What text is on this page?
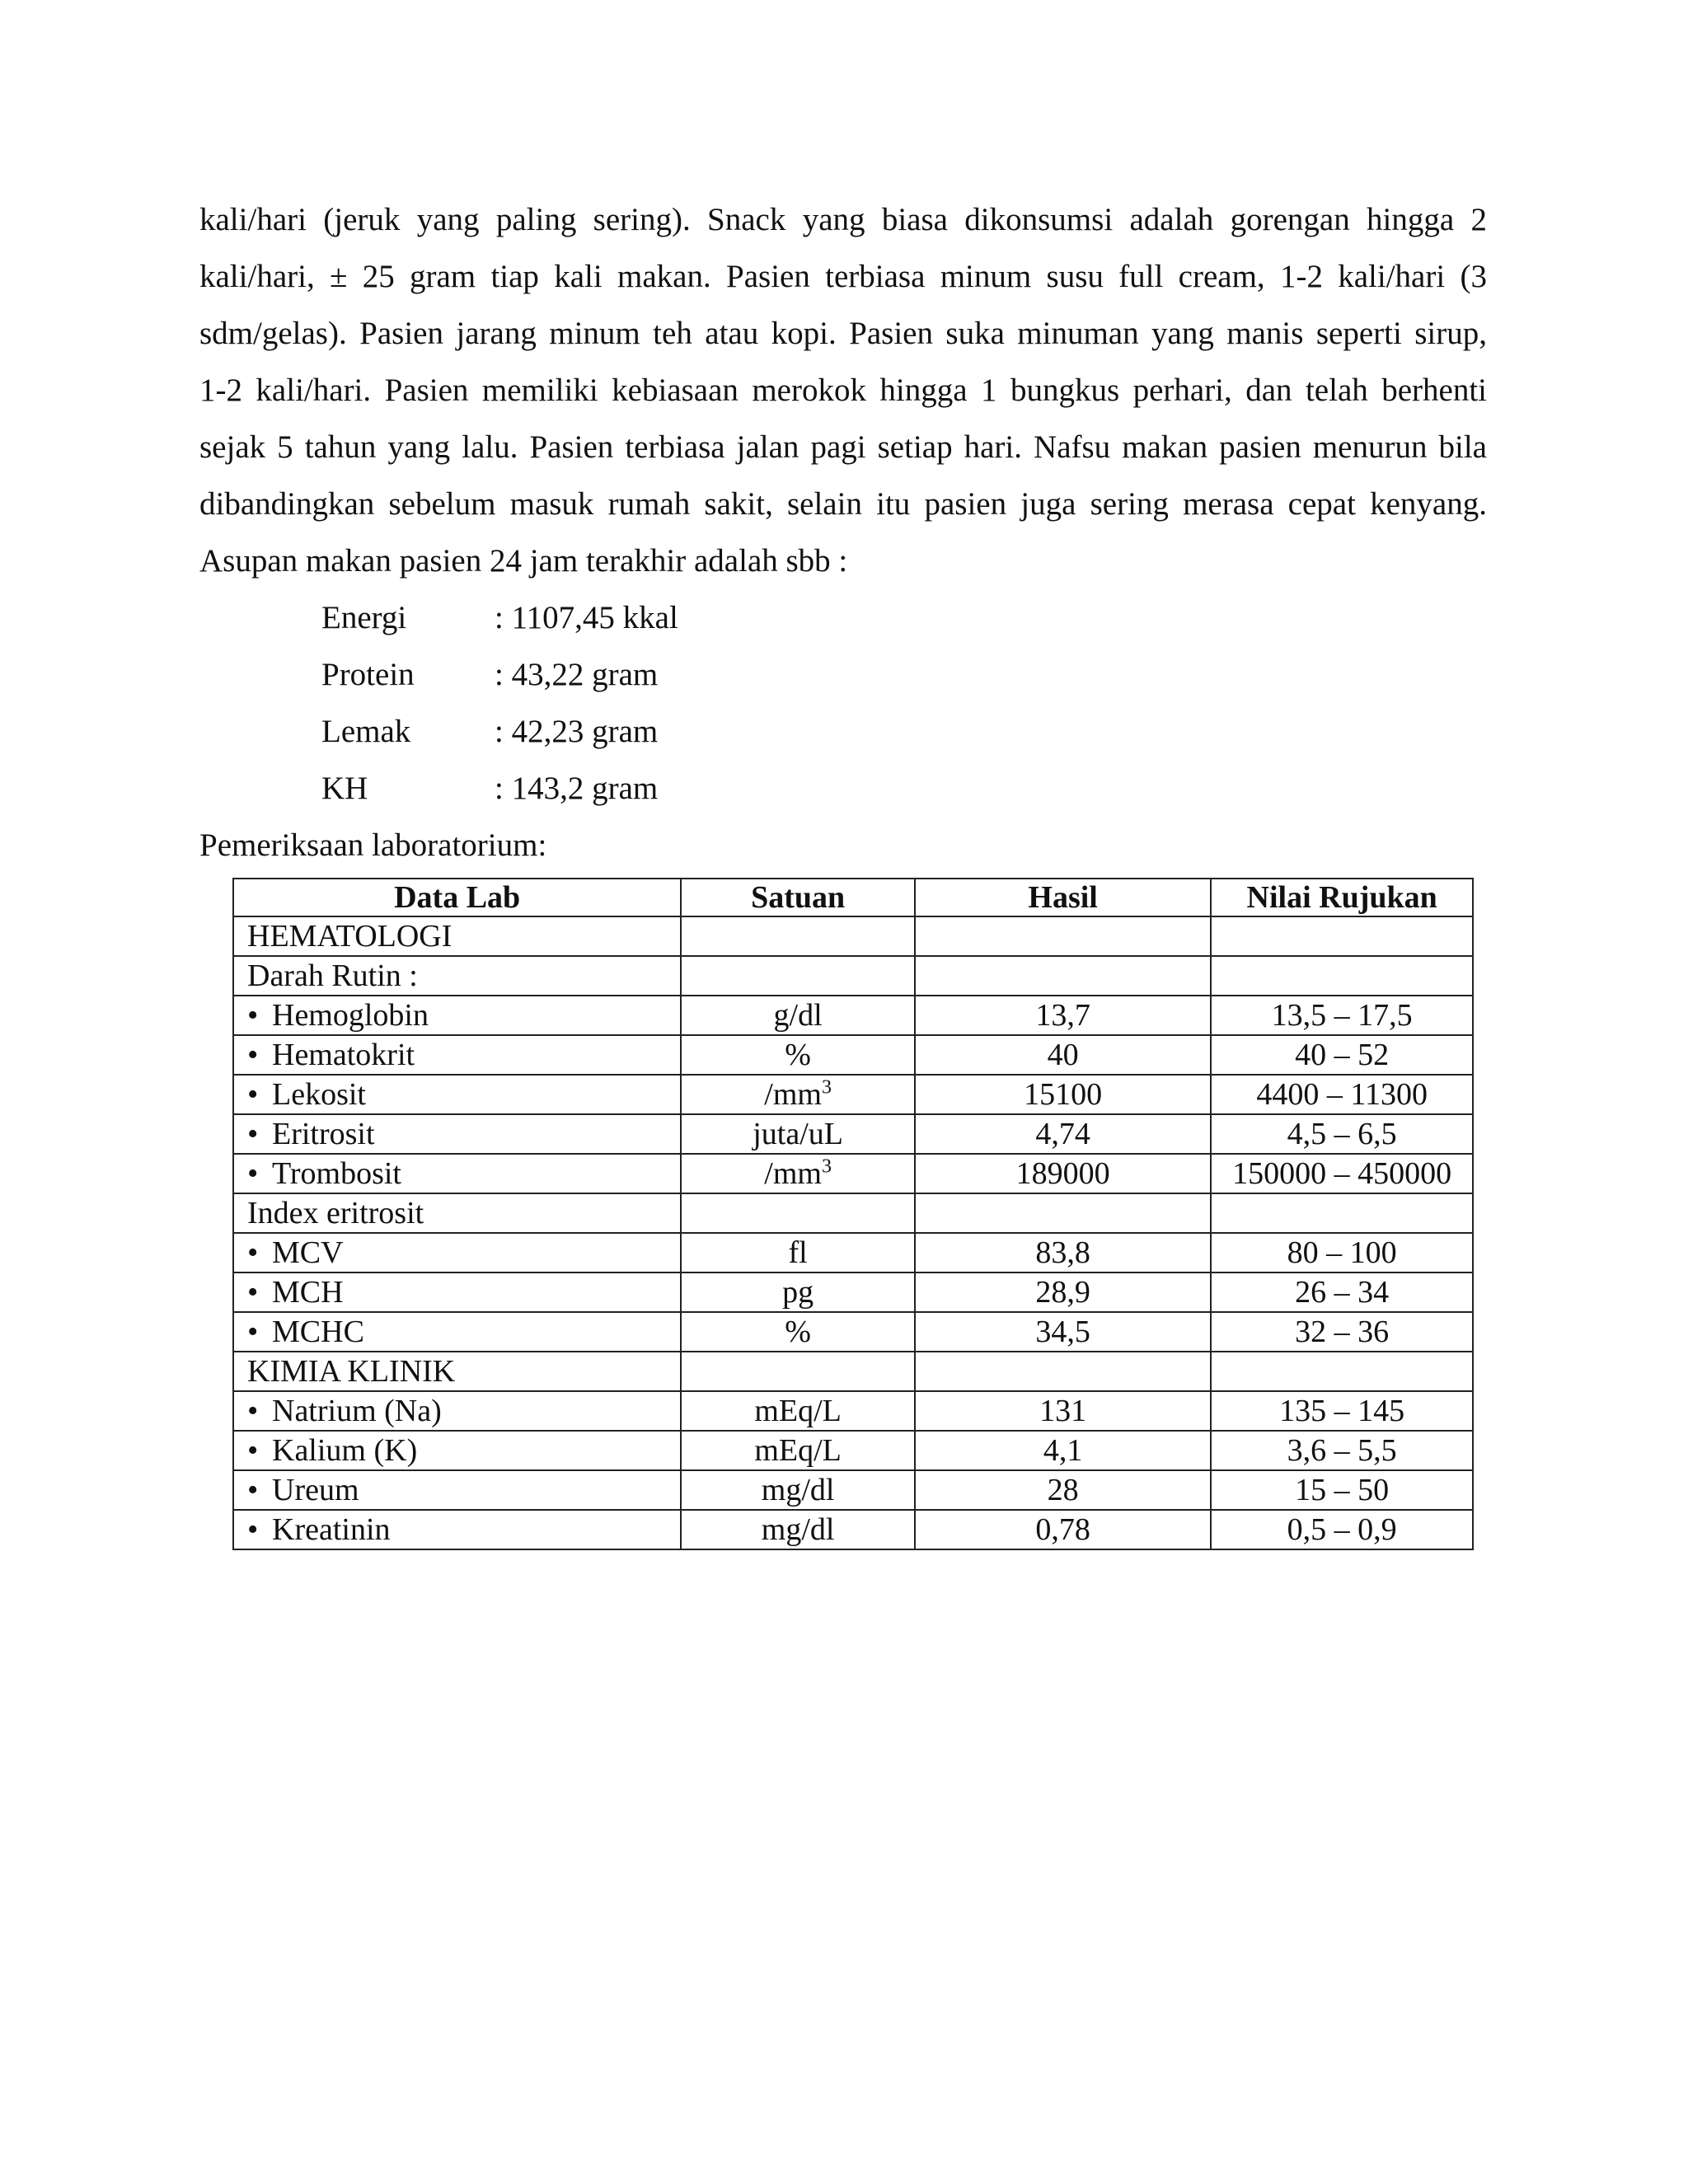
kali/hari (jeruk yang paling sering). Snack yang biasa dikonsumsi adalah gorengan hingga 2
kali/hari, ± 25 gram tiap kali makan. Pasien terbiasa minum susu full cream, 1-2 kali/hari (3
sdm/gelas). Pasien jarang minum teh atau kopi. Pasien suka minuman yang manis seperti sirup,
1-2 kali/hari. Pasien memiliki kebiasaan merokok hingga 1 bungkus perhari, dan telah berhenti
sejak 5 tahun yang lalu. Pasien terbiasa jalan pagi setiap hari. Nafsu makan pasien menurun bila
dibandingkan sebelum masuk rumah sakit, selain itu pasien juga sering merasa cepat kenyang.
Asupan makan pasien 24 jam terakhir adalah sbb :

Energi	: 1107,45 kkal
Protein	: 43,22 gram
Lemak	: 42,23 gram
KH	: 143,2 gram

Pemeriksaan laboratorium:

Data Lab	Satuan	Hasil	Nilai Rujukan
HEMATOLOGI			
Darah Rutin :			
• Hemoglobin	g/dl	13,7	13,5 – 17,5
• Hematokrit	%	40	40 – 52
• Lekosit	$/mm^3$	15100	4400 – 11300
• Eritrosit	juta/uL	4,74	4,5 – 6,5
• Trombosit	$/mm^3$	189000	150000 – 450000
Index eritrosit			
• MCV	fl	83,8	80 – 100
• MCH	pg	28,9	26 – 34
• MCHC	%	34,5	32 – 36
KIMIA KLINIK			
• Natrium (Na)	mEq/L	131	135 – 145
• Kalium (K)	mEq/L	4,1	3,6 – 5,5
• Ureum	mg/dl	28	15 – 50
• Kreatinin	mg/dl	0,78	0,5 – 0,9
